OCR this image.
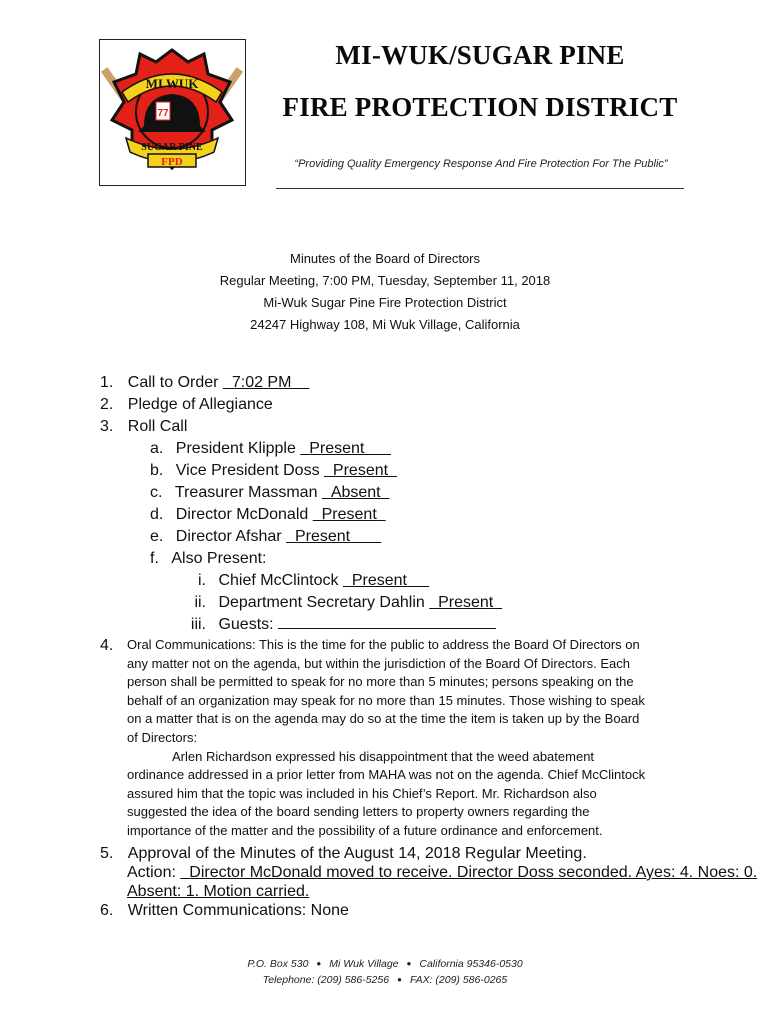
77
MI WUK
SUGAR PINE
FPD
MI-WUK/SUGAR PINE
FIRE PROTECTION DISTRICT
“Providing Quality Emergency Response And Fire Protection For The Public”
Minutes of the Board of Directors
Regular Meeting, 7:00 PM, Tuesday, September 11, 2018
Mi-Wuk Sugar Pine Fire Protection District
24247 Highway 108, Mi Wuk Village, California
1. Call to Order 7:02 PM
2. Pledge of Allegiance
3. Roll Call
a. President Klipple Present
b. Vice President Doss Present
c. Treasurer Massman Absent
d. Director McDonald Present
e. Director Afshar Present
f. Also Present:
i. Chief McClintock Present
ii. Department Secretary Dahlin Present
iii. Guests:
4. Oral Communications: This is the time for the public to address the Board Of Directors on
any matter not on the agenda, but within the jurisdiction of the Board Of Directors. Each
person shall be permitted to speak for no more than 5 minutes; persons speaking on the
behalf of an organization may speak for no more than 15 minutes. Those wishing to speak
on a matter that is on the agenda may do so at the time the item is taken up by the Board
of Directors:
Arlen Richardson expressed his disappointment that the weed abatement
ordinance addressed in a prior letter from MAHA was not on the agenda. Chief McClintock
assured him that the topic was included in his Chief’s Report. Mr. Richardson also
suggested the idea of the board sending letters to property owners regarding the
importance of the matter and the possibility of a future ordinance and enforcement.
5. Approval of the Minutes of the August 14, 2018 Regular Meeting.
Action: Director McDonald moved to receive. Director Doss seconded. Ayes: 4. Noes: 0.
Absent: 1. Motion carried.
6. Written Communications: None
P.O. Box 530 ● Mi Wuk Village ● California 95346-0530
Telephone: (209) 586-5256 ● FAX: (209) 586-0265
